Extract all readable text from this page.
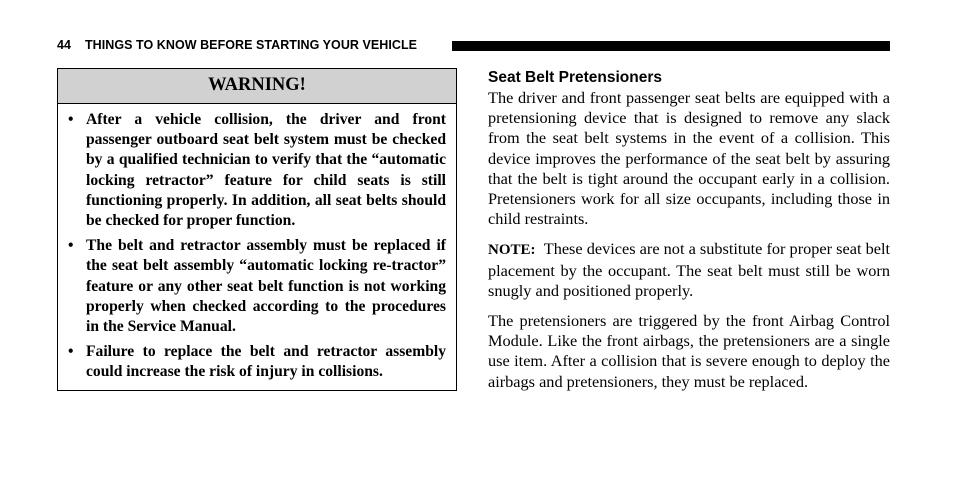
44 THINGS TO KNOW BEFORE STARTING YOUR VEHICLE
WARNING!
• After a vehicle collision, the driver and front passenger outboard seat belt system must be checked by a qualified technician to verify that the “automatic locking retractor” feature for child seats is still functioning properly. In addition, all seat belts should be checked for proper function.
• The belt and retractor assembly must be replaced if the seat belt assembly “automatic locking re-tractor” feature or any other seat belt function is not working properly when checked according to the procedures in the Service Manual.
• Failure to replace the belt and retractor assembly could increase the risk of injury in collisions.
Seat Belt Pretensioners

The driver and front passenger seat belts are equipped with a pretensioning device that is designed to remove any slack from the seat belt systems in the event of a collision. This device improves the performance of the seat belt by assuring that the belt is tight around the occupant early in a collision. Pretensioners work for all size occupants, including those in child restraints.

NOTE: These devices are not a substitute for proper seat belt placement by the occupant. The seat belt must still be worn snugly and positioned properly.

The pretensioners are triggered by the front Airbag Control Module. Like the front airbags, the pretensioners are a single use item. After a collision that is severe enough to deploy the airbags and pretensioners, they must be replaced.
